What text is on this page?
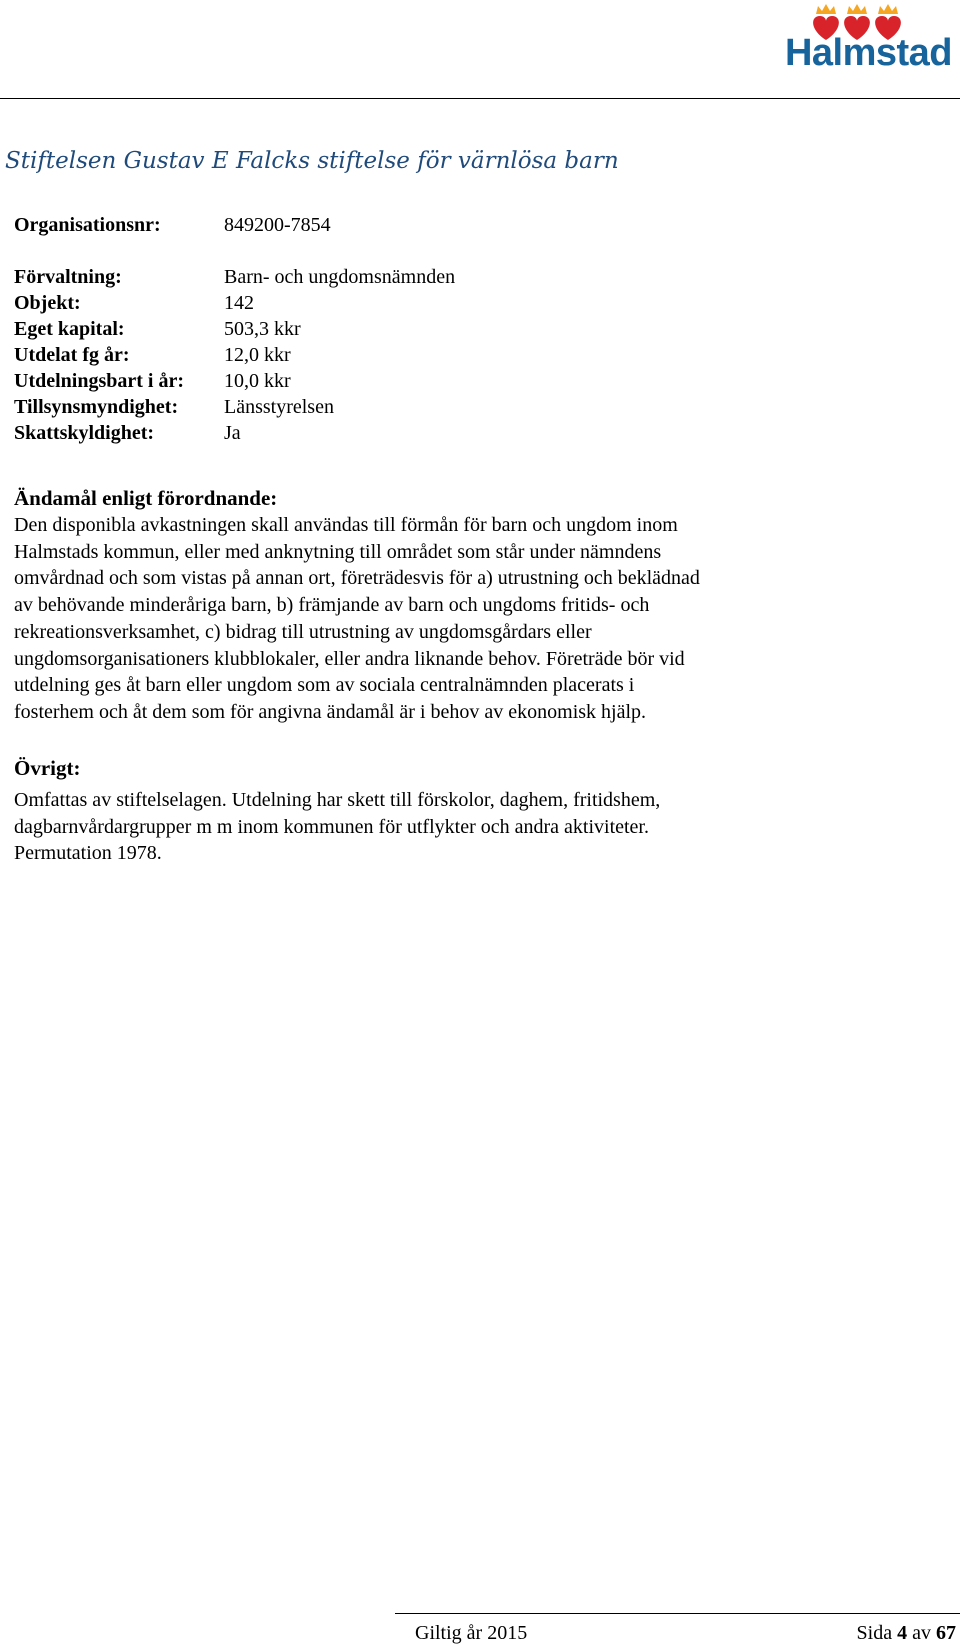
Halmstad
Stiftelsen Gustav E Falcks stiftelse för värnlösa barn
Organisationsnr:	849200-7854
Förvaltning:	Barn- och ungdomsnämnden
Objekt:	142
Eget kapital:	503,3 kkr
Utdelat fg år:	12,0 kkr
Utdelningsbart i år: 10,0 kkr
Tillsynsmyndighet: Länsstyrelsen
Skattskyldighet:	Ja
Ändamål enligt förordnande:
Den disponibla avkastningen skall användas till förmån för barn och ungdom inom
Halmstads kommun, eller med anknytning till området som står under nämndens
omvårdnad och som vistas på annan ort, företrädesvis för a) utrustning och beklädnad
av behövande minderåriga barn, b) främjande av barn och ungdoms fritids- och
rekreationsverksamhet, c) bidrag till utrustning av ungdomsgårdars eller
ungdomsorganisationers klubblokaler, eller andra liknande behov. Företräde bör vid
utdelning ges åt barn eller ungdom som av sociala centralnämnden placerats i
fosterhem och åt dem som för angivna ändamål är i behov av ekonomisk hjälp.
Övrigt:
Omfattas av stiftelselagen. Utdelning har skett till förskolor, daghem, fritidshem,
dagbarnvårdargrupper m m inom kommunen för utflykter och andra aktiviteter.
Permutation 1978.
Giltig år 2015	Sida 4 av 67
